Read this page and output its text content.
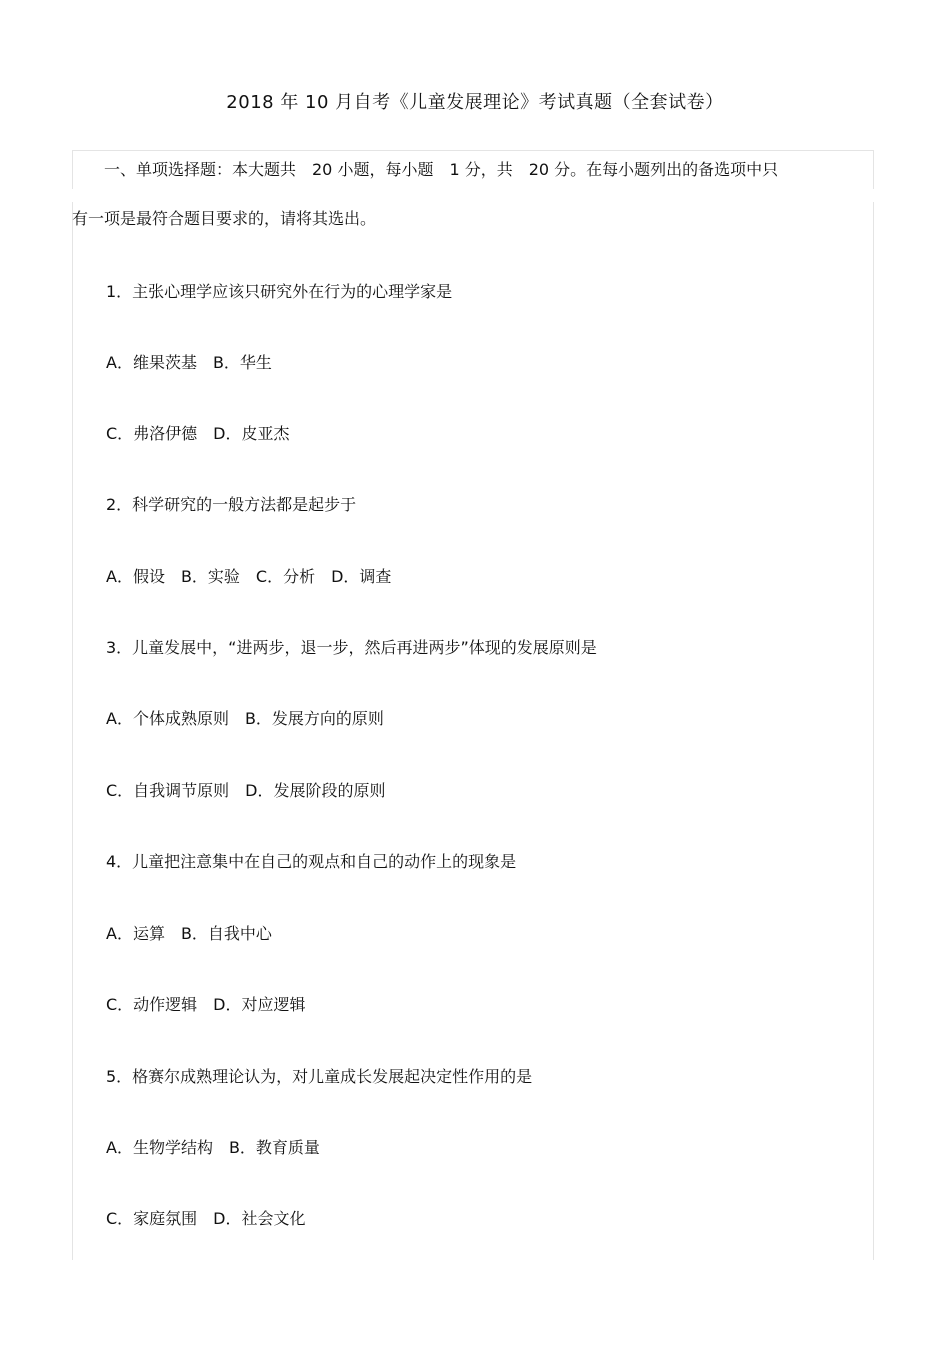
2018 年 10 月自考《儿童发展理论》考试真题（全套试卷）
一、单项选择题：本大题共　20 小题，每小题　1 分，共　20 分。在每小题列出的备选项中只
有一项是最符合题目要求的，请将其选出。
1．主张心理学应该只研究外在行为的心理学家是
A．维果茨基　B．华生
C．弗洛伊德　D．皮亚杰
2．科学研究的一般方法都是起步于
A．假设　B．实验　C．分析　D．调查
3．儿童发展中，“进两步，退一步，然后再进两步”体现的发展原则是
A．个体成熟原则　B．发展方向的原则
C．自我调节原则　D．发展阶段的原则
4．儿童把注意集中在自己的观点和自己的动作上的现象是
A．运算　B．自我中心
C．动作逻辑　D．对应逻辑
5．格赛尔成熟理论认为，对儿童成长发展起决定性作用的是
A．生物学结构　B．教育质量
C．家庭氛围　D．社会文化
